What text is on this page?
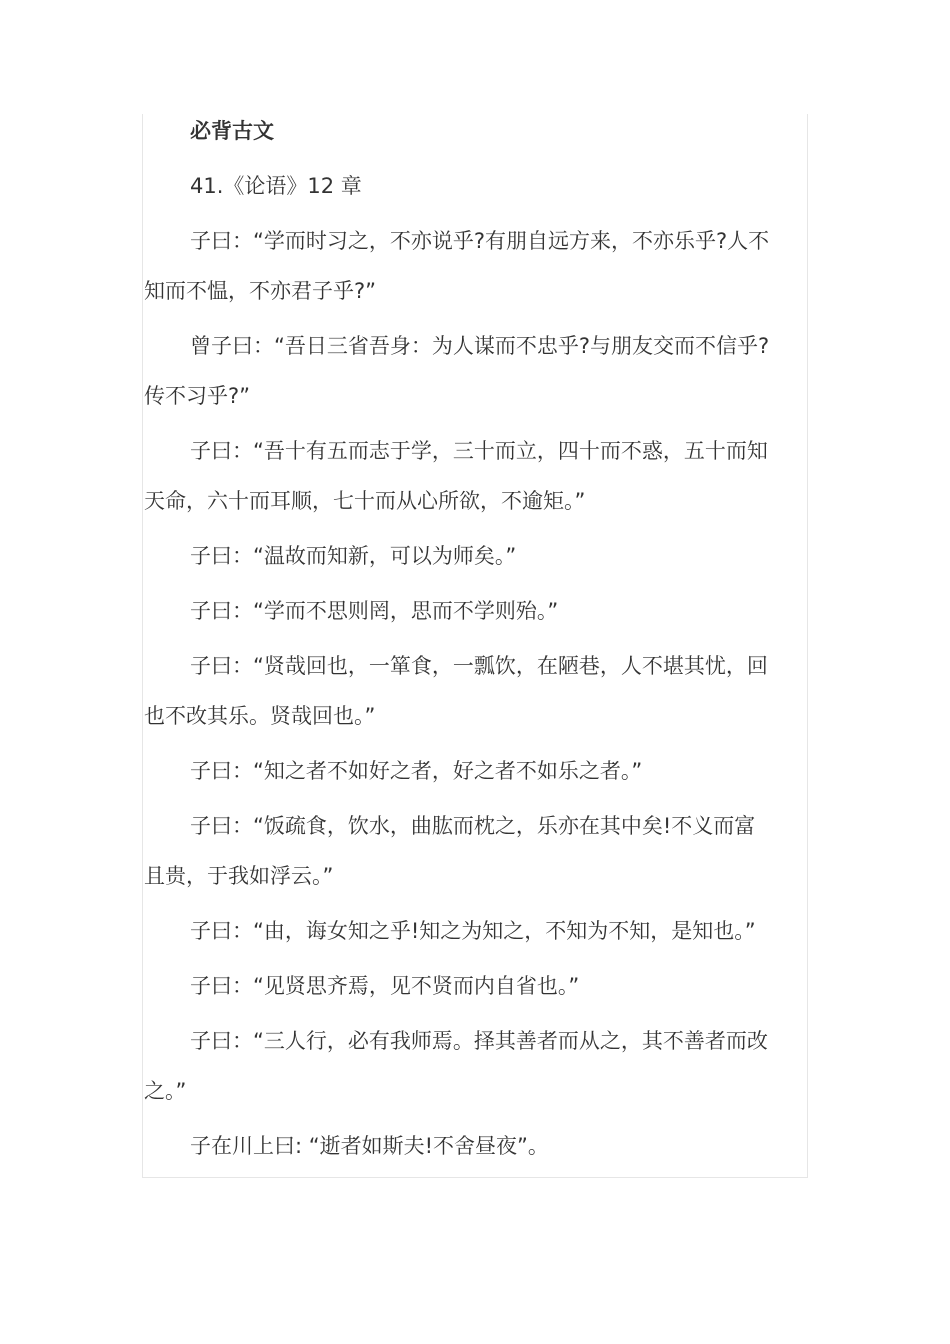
必背古文

41.《论语》12 章

子曰：“学而时习之，不亦说乎?有朋自远方来，不亦乐乎?人不

知而不愠，不亦君子乎?”

曾子曰：“吾日三省吾身：为人谋而不忠乎?与朋友交而不信乎?

传不习乎?”

子曰：“吾十有五而志于学，三十而立，四十而不惑，五十而知

天命，六十而耳顺，七十而从心所欲，不逾矩。”

子曰：“温故而知新，可以为师矣。”

子曰：“学而不思则罔，思而不学则殆。”

子曰：“贤哉回也，一箪食，一瓢饮，在陋巷，人不堪其忧，回

也不改其乐。贤哉回也。”

子曰：“知之者不如好之者，好之者不如乐之者。”

子曰：“饭疏食，饮水，曲肱而枕之，乐亦在其中矣!不义而富

且贵，于我如浮云。”

子曰：“由，诲女知之乎!知之为知之，不知为不知，是知也。”

子曰：“见贤思齐焉，见不贤而内自省也。”

子曰：“三人行，必有我师焉。择其善者而从之，其不善者而改

之。”

子在川上曰: “逝者如斯夫!不舍昼夜”。
